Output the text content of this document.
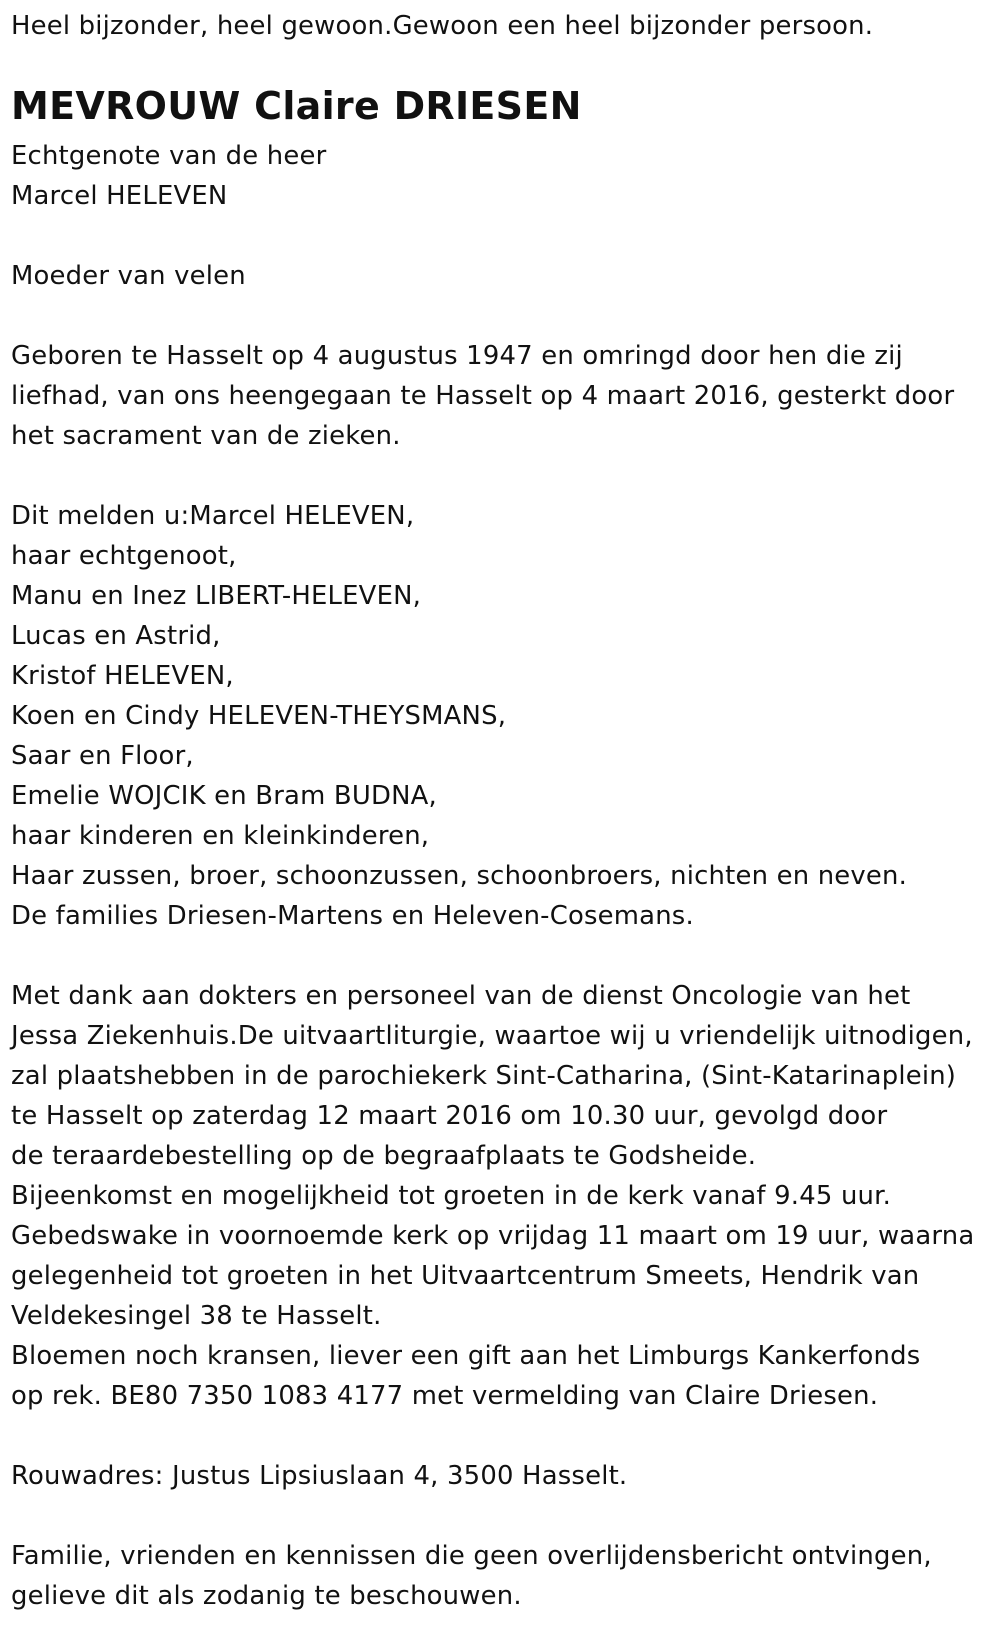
Heel bijzonder, heel gewoon.Gewoon een heel bijzonder persoon.
MEVROUW Claire DRIESEN
Echtgenote van de heer
Marcel HELEVEN
Moeder van velen
Geboren te Hasselt op 4 augustus 1947 en omringd door hen die zij
liefhad, van ons heengegaan te Hasselt op 4 maart 2016, gesterkt door
het sacrament van de zieken.
Dit melden u:Marcel HELEVEN,
haar echtgenoot,
Manu en Inez LIBERT-HELEVEN,
Lucas en Astrid,
Kristof HELEVEN,
Koen en Cindy HELEVEN-THEYSMANS,
Saar en Floor,
Emelie WOJCIK en Bram BUDNA,
haar kinderen en kleinkinderen,
Haar zussen, broer, schoonzussen, schoonbroers, nichten en neven.
De families Driesen-Martens en Heleven-Cosemans.
Met dank aan dokters en personeel van de dienst Oncologie van het
Jessa Ziekenhuis.De uitvaartliturgie, waartoe wij u vriendelijk uitnodigen,
zal plaatshebben in de parochiekerk Sint-Catharina, (Sint-Katarinaplein)
te Hasselt op zaterdag 12 maart 2016 om 10.30 uur, gevolgd door
de teraardebestelling op de begraafplaats te Godsheide.
Bijeenkomst en mogelijkheid tot groeten in de kerk vanaf 9.45 uur.
Gebedswake in voornoemde kerk op vrijdag 11 maart om 19 uur, waarna
gelegenheid tot groeten in het Uitvaartcentrum Smeets, Hendrik van
Veldekesingel 38 te Hasselt.
Bloemen noch kransen, liever een gift aan het Limburgs Kankerfonds
op rek. BE80 7350 1083 4177 met vermelding van Claire Driesen.
Rouwadres: Justus Lipsiuslaan 4, 3500 Hasselt.
Familie, vrienden en kennissen die geen overlijdensbericht ontvingen,
gelieve dit als zodanig te beschouwen.
